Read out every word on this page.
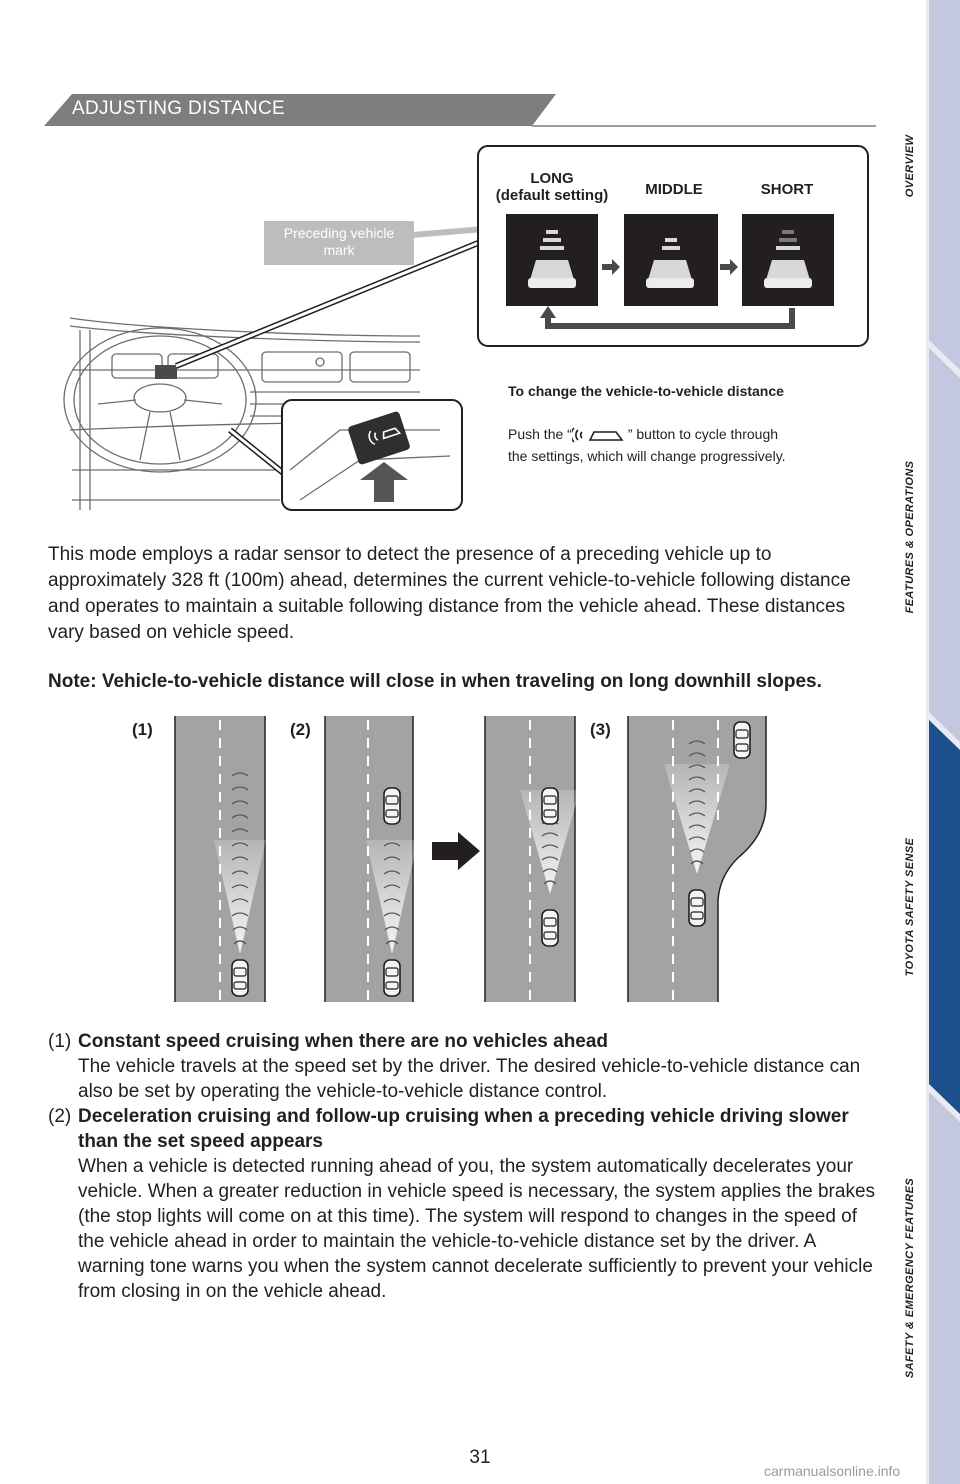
OVERVIEW
FEATURES & OPERATIONS
TOYOTA SAFETY SENSE
SAFETY & EMERGENCY FEATURES
ADJUSTING DISTANCE
LONG
(default setting)	MIDDLE	SHORT
Preceding vehicle
mark
To change the vehicle-to-vehicle distance
Push the “	” button to cycle through the settings, which will change progressively.

This mode employs a radar sensor to detect the presence of a preceding vehicle up to approximately 328 ft (100m) ahead, determines the current vehicle-to-vehicle following distance and operates to maintain a suitable following distance from the vehicle ahead. These distances vary based on vehicle speed.

Note: Vehicle-to-vehicle distance will close in when traveling on long downhill slopes.

(1)	(2)	(3)
(1) Constant speed cruising when there are no vehicles ahead
The vehicle travels at the speed set by the driver. The desired vehicle-to-vehicle distance can also be set by operating the vehicle-to-vehicle distance control.
(2) Deceleration cruising and follow-up cruising when a preceding vehicle driving slower than the set speed appears
When a vehicle is detected running ahead of you, the system automatically decelerates your vehicle. When a greater reduction in vehicle speed is necessary, the system applies the brakes (the stop lights will come on at this time). The system will respond to changes in the speed of the vehicle ahead in order to maintain the vehicle-to-vehicle distance set by the driver. A warning tone warns you when the system cannot decelerate sufficiently to prevent your vehicle from closing in on the vehicle ahead.
31
carmanualsonline.info
